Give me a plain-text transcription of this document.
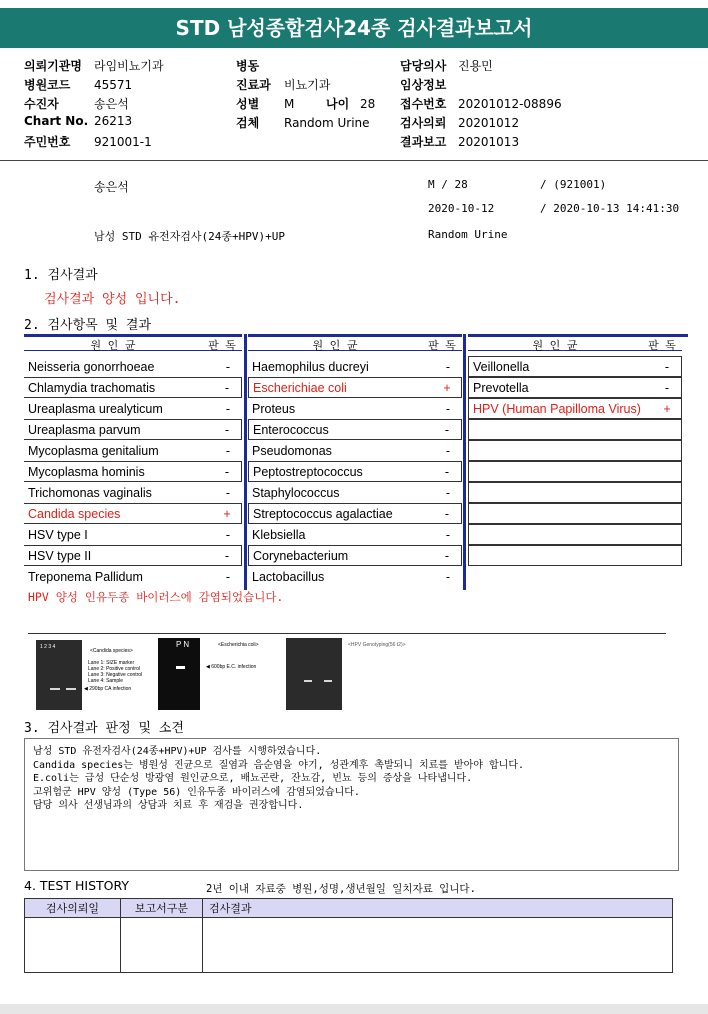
STD 남성종합검사24종 검사결과보고서
의뢰기관명 라임비뇨기과
병원코드 45571
수진자	송은석
Chart No. 26213
주민번호 921001-1
병동
진료과 비뇨기과
성별 M
검체 Random Urine
담당의사 진용민
임상정보
접수번호 20201012-08896
검사의뢰 20201012
결과보고 20201013
나이 28
송은석	M / 28	/ (921001)
2020-10-12	/ 2020-10-13 14:41:30
남성 STD 유전자검사(24종+HPV)+UP	Random Urine
1. 검사결과
검사결과 양성 입니다.
2. 검사항목 및 결과
원 인 균	판 독
Neisseria gonorrhoeae	-
Chlamydia trachomatis	-
Ureaplasma urealyticum	-
Ureaplasma parvum	-
Mycoplasma genitalium	-
Mycoplasma hominis	-
Trichomonas vaginalis	-
Candida species	+
HSV type I	-
HSV type II	-
Treponema Pallidum	-
원 인 균	판 독
Haemophilus ducreyi	-
Escherichiae coli	+
Proteus	-
Enterococcus	-
Pseudomonas	-
Peptostreptococcus	-
Staphylococcus	-
Streptococcus agalactiae	-
Klebsiella	-
Corynebacterium	-
Lactobacillus	-
원 인 균	판 독
Veillonella	-
Prevotella	-
HPV (Human Papilloma Virus)	+
HPV 양성 인유두종 바이러스에 감염되었습니다.
1 2 3 4
<Candida species>
Lane 1: SIZE marker
Lane 2: Positive control
Lane 3: Negative control
Lane 4: Sample
◀ 290bp CA infection
P N	<Escherichia coli>
◀ 600bp E.C. infection
<HPV Genotyping(56 t2)>
3. 검사결과 판정 및 소견
남성 STD 유전자검사(24종+HPV)+UP 검사를 시행하였습니다.
Candida species는 병원성 진균으로 질염과 음순염을 야기, 성관계후 촉발되니 치료를 받아야 합니다.
E.coli는 급성 단순성 방광염 원인균으로, 배뇨곤란, 잔뇨감, 빈뇨 등의 증상을 나타냅니다.
고위험군 HPV 양성 (Type 56) 인유두종 바이러스에 감염되었습니다.
담당 의사 선생님과의 상담과 치료 후 재검을 권장합니다.
4. TEST HISTORY	2년 이내 자료중 병원,성명,생년월일 일치자료 입니다.
검사의뢰일	보고서구분	검사결과
